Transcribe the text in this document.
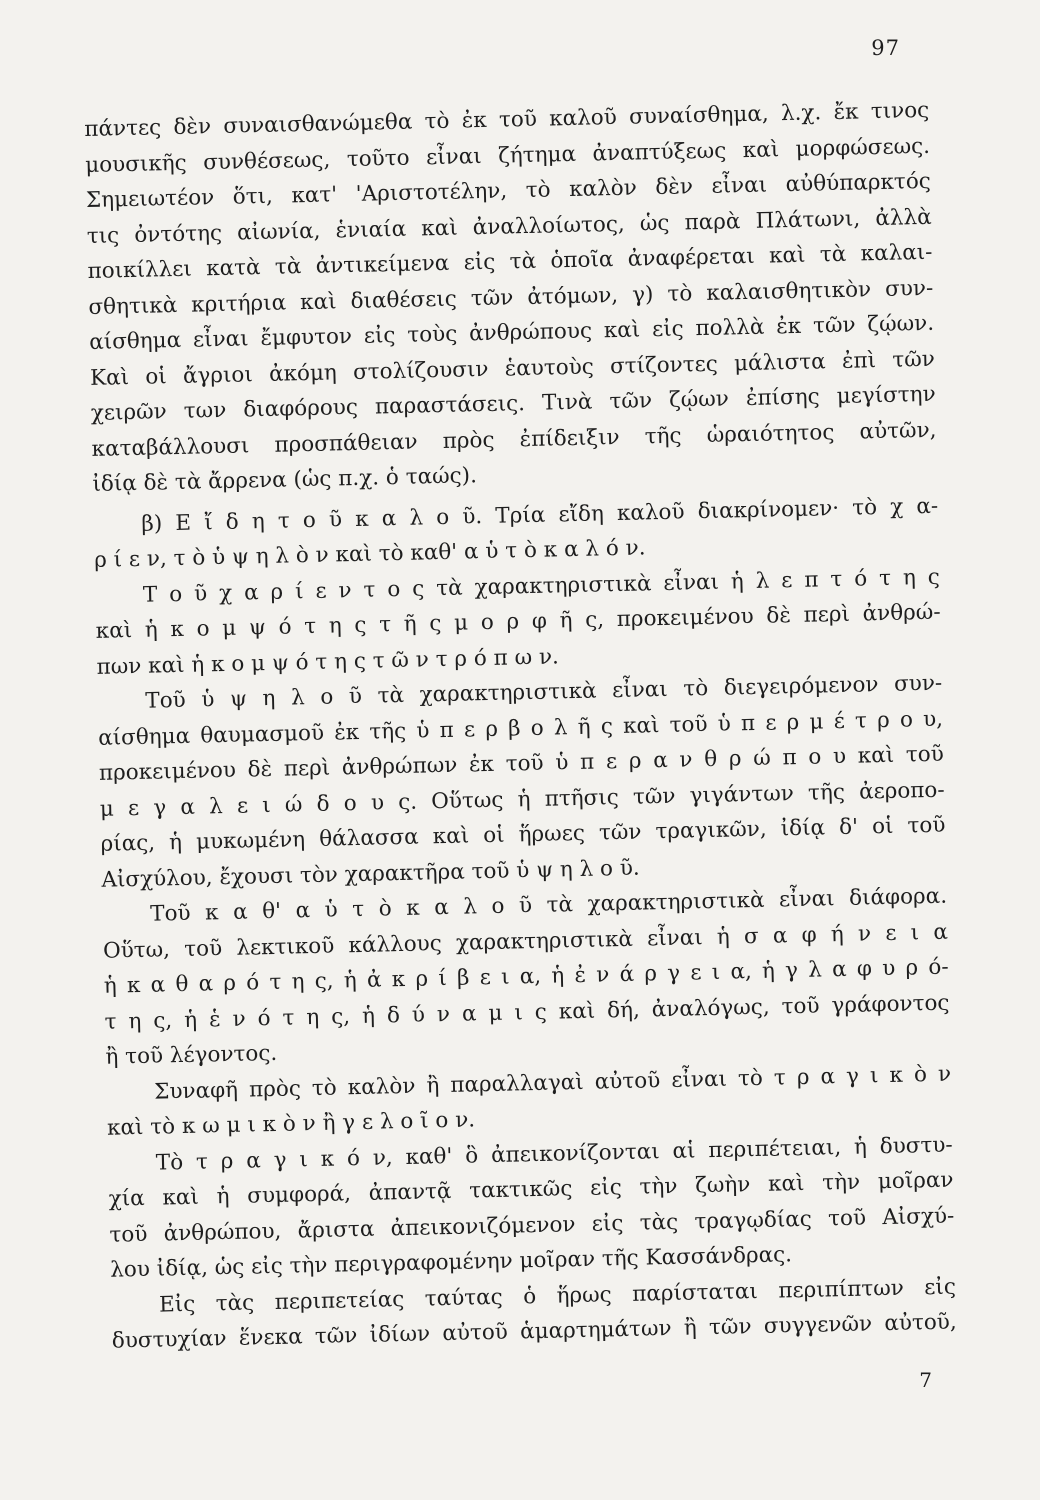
97
πάντες δὲν συναισθανώμεθα τὸ ἐκ τοῦ καλοῦ συναίσθημα, λ.χ. ἔκ τινος
μουσικῆς συνθέσεως, τοῦτο εἶναι ζήτημα ἀναπτύξεως καὶ μορφώσεως.
Σημειωτέον ὅτι, κατ' 'Αριστοτέλην, τὸ καλὸν δὲν εἶναι αὐθύπαρκτός
τις ὀντότης αἰωνία, ἑνιαία καὶ ἀναλλοίωτος, ὡς παρὰ Πλάτωνι, ἀλλὰ
ποικίλλει κατὰ τὰ ἀντικείμενα εἰς τὰ ὁποῖα ἀναφέρεται καὶ τὰ καλαι-
σθητικὰ κριτήρια καὶ διαθέσεις τῶν ἀτόμων, γ) τὸ καλαισθητικὸν συν-
αίσθημα εἶναι ἔμφυτον εἰς τοὺς ἀνθρώπους καὶ εἰς πολλὰ ἐκ τῶν ζῴων.
Καὶ οἱ ἄγριοι ἀκόμη στολίζουσιν ἑαυτοὺς στίζοντες μάλιστα ἐπὶ τῶν
χειρῶν των διαφόρους παραστάσεις. Τινὰ τῶν ζῴων ἐπίσης μεγίστην
καταβάλλουσι προσπάθειαν πρὸς ἐπίδειξιν τῆς ὡραιότητος αὐτῶν,
ἰδίᾳ δὲ τὰ ἄρρενα (ὡς π.χ. ὁ ταώς).
β) Ε ἴ δ η τ ο ῦ κ α λ ο ῦ. Τρία εἴδη καλοῦ διακρίνομεν· τὸ χ α-
ρ ί ε ν, τ ὸ ὑ ψ η λ ὸ ν καὶ τὸ καθ' α ὑ τ ὸ κ α λ ό ν.
Τ ο ῦ χ α ρ ί ε ν τ ο ς τὰ χαρακτηριστικὰ εἶναι ἡ λ ε π τ ό τ η ς
καὶ ἡ κ ο μ ψ ό τ η ς τ ῆ ς μ ο ρ φ ῆ ς, προκειμένου δὲ περὶ ἀνθρώ-
πων καὶ ἡ κ ο μ ψ ό τ η ς τ ῶ ν τ ρ ό π ω ν.
Τοῦ ὑ ψ η λ ο ῦ τὰ χαρακτηριστικὰ εἶναι τὸ διεγειρόμενον συν-
αίσθημα θαυμασμοῦ ἐκ τῆς ὑ π ε ρ β ο λ ῆ ς καὶ τοῦ ὑ π ε ρ μ έ τ ρ ο υ,
προκειμένου δὲ περὶ ἀνθρώπων ἐκ τοῦ ὑ π ε ρ α ν θ ρ ώ π ο υ καὶ τοῦ
μ ε γ α λ ε ι ώ δ ο υ ς. Οὕτως ἡ πτῆσις τῶν γιγάντων τῆς ἀεροπο-
ρίας, ἡ μυκωμένη θάλασσα καὶ οἱ ἥρωες τῶν τραγικῶν, ἰδίᾳ δ' οἱ τοῦ
Αἰσχύλου, ἔχουσι τὸν χαρακτῆρα τοῦ ὑ ψ η λ ο ῦ.
Τοῦ κ α θ' α ὑ τ ὸ κ α λ ο ῦ τὰ χαρακτηριστικὰ εἶναι διάφορα.
Οὕτω, τοῦ λεκτικοῦ κάλλους χαρακτηριστικὰ εἶναι ἡ σ α φ ή ν ε ι α
ἡ κ α θ α ρ ό τ η ς, ἡ ἀ κ ρ ί β ε ι α, ἡ ἐ ν ά ρ γ ε ι α, ἡ γ λ α φ υ ρ ό-
τ η ς, ἡ ἑ ν ό τ η ς, ἡ δ ύ ν α μ ι ς καὶ δή, ἀναλόγως, τοῦ γράφοντος
ἢ τοῦ λέγοντος.
Συναφῆ πρὸς τὸ καλὸν ἢ παραλλαγαὶ αὐτοῦ εἶναι τὸ τ ρ α γ ι κ ὸ ν
καὶ τὸ κ ω μ ι κ ὸ ν ἢ γ ε λ ο ῖ ο ν.
Τὸ τ ρ α γ ι κ ό ν, καθ' ὃ ἀπεικονίζονται αἱ περιπέτειαι, ἡ δυστυ-
χία καὶ ἡ συμφορά, ἀπαντᾷ τακτικῶς εἰς τὴν ζωὴν καὶ τὴν μοῖραν
τοῦ ἀνθρώπου, ἄριστα ἀπεικονιζόμενον εἰς τὰς τραγῳδίας τοῦ Αἰσχύ-
λου ἰδίᾳ, ὡς εἰς τὴν περιγραφομένην μοῖραν τῆς Κασσάνδρας.
Εἰς τὰς περιπετείας ταύτας ὁ ἥρως παρίσταται περιπίπτων εἰς
δυστυχίαν ἕνεκα τῶν ἰδίων αὐτοῦ ἁμαρτημάτων ἢ τῶν συγγενῶν αὐτοῦ,
7
